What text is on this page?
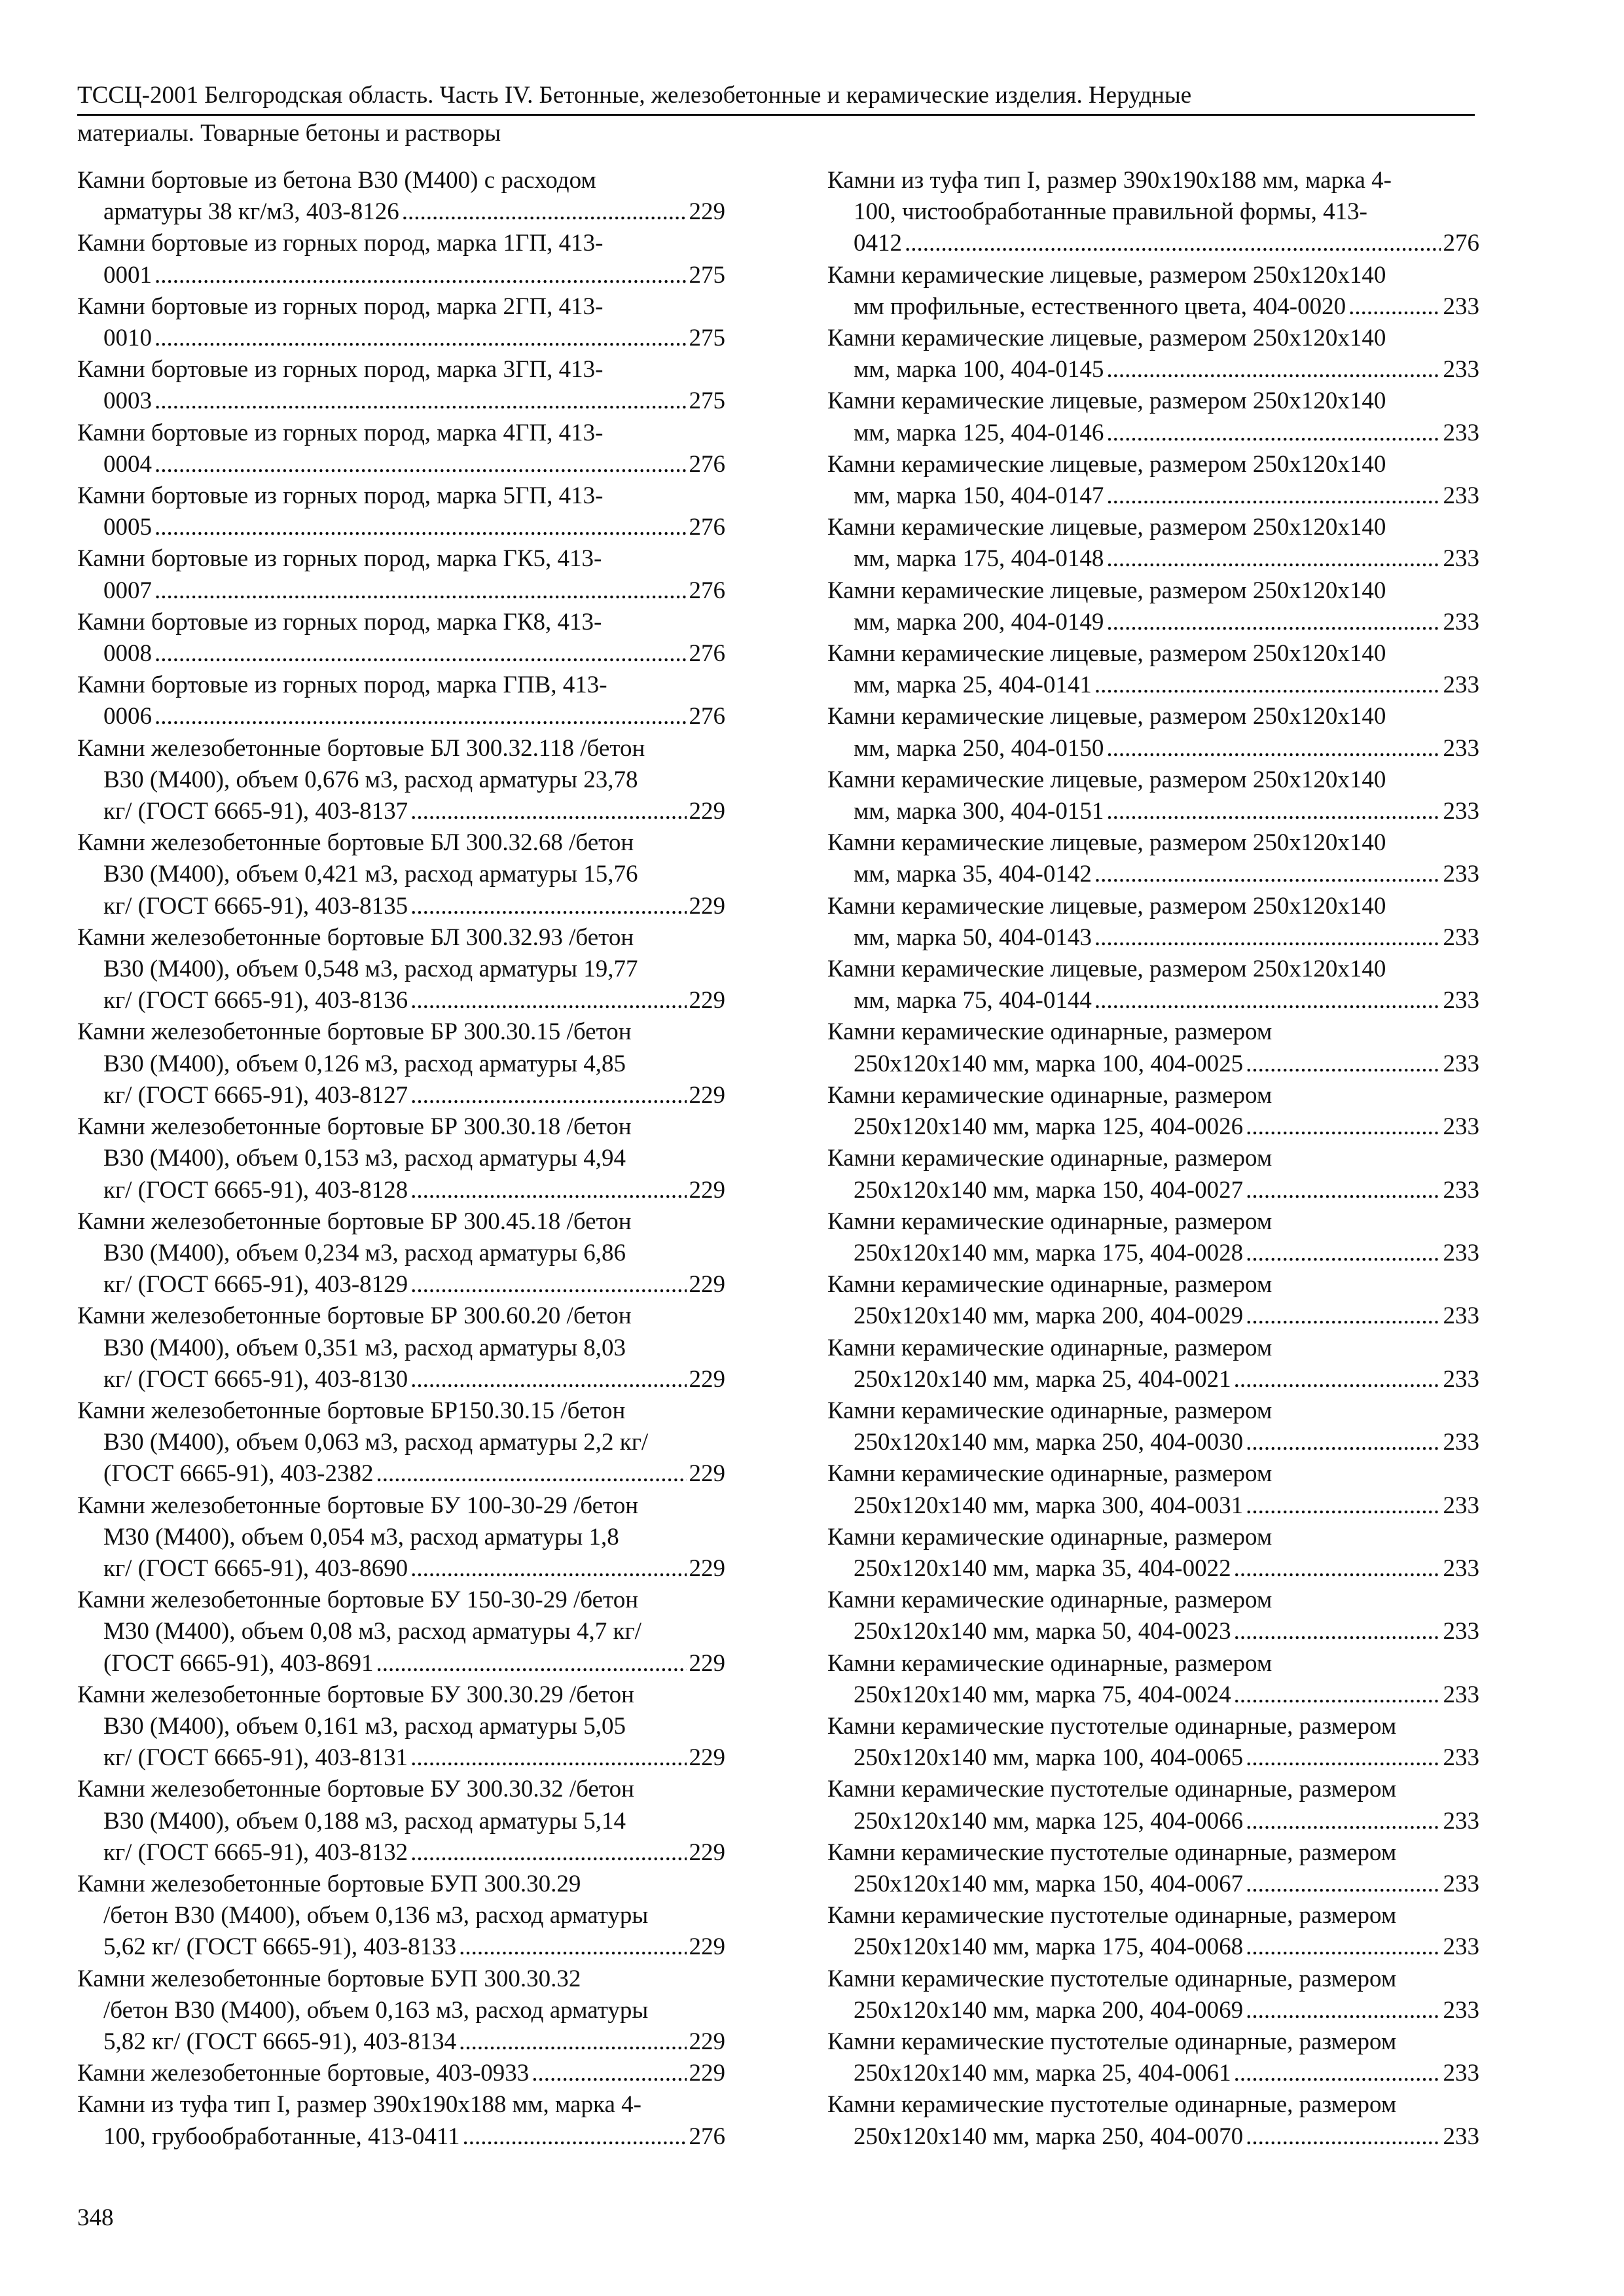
ТССЦ-2001 Белгородская область. Часть IV. Бетонные, железобетонные и керамические изделия. Нерудные
материалы. Товарные бетоны и растворы
Камни бортовые из бетона В30 (М400) с расходом
арматуры 38 кг/м3, 403-8126 .....	229
Камни бортовые из горных пород, марка 1ГП, 413-
0001 .....	275
Камни бортовые из горных пород, марка 2ГП, 413-
0010 .....	275
Камни бортовые из горных пород, марка 3ГП, 413-
0003 .....	275
Камни бортовые из горных пород, марка 4ГП, 413-
0004 .....	276
Камни бортовые из горных пород, марка 5ГП, 413-
0005 .....	276
Камни бортовые из горных пород, марка ГК5, 413-
0007 .....	276
Камни бортовые из горных пород, марка ГК8, 413-
0008 .....	276
Камни бортовые из горных пород, марка ГПВ, 413-
0006 .....	276
Камни железобетонные бортовые БЛ 300.32.118 /бетон
В30 (М400), объем 0,676 м3, расход арматуры 23,78
кг/ (ГОСТ 6665-91), 403-8137 .....	229
Камни железобетонные бортовые БЛ 300.32.68 /бетон
В30 (М400), объем 0,421 м3, расход арматуры 15,76
кг/ (ГОСТ 6665-91), 403-8135 .....	229
Камни железобетонные бортовые БЛ 300.32.93 /бетон
В30 (М400), объем 0,548 м3, расход арматуры 19,77
кг/ (ГОСТ 6665-91), 403-8136 .....	229
Камни железобетонные бортовые БР 300.30.15 /бетон
В30 (М400), объем 0,126 м3, расход арматуры 4,85
кг/ (ГОСТ 6665-91), 403-8127 .....	229
Камни железобетонные бортовые БР 300.30.18 /бетон
В30 (М400), объем 0,153 м3, расход арматуры 4,94
кг/ (ГОСТ 6665-91), 403-8128 .....	229
Камни железобетонные бортовые БР 300.45.18 /бетон
В30 (М400), объем 0,234 м3, расход арматуры 6,86
кг/ (ГОСТ 6665-91), 403-8129 .....	229
Камни железобетонные бортовые БР 300.60.20 /бетон
В30 (М400), объем 0,351 м3, расход арматуры 8,03
кг/ (ГОСТ 6665-91), 403-8130 .....	229
Камни железобетонные бортовые БР150.30.15 /бетон
В30 (М400), объем 0,063 м3, расход арматуры 2,2 кг/
(ГОСТ 6665-91), 403-2382 .....	229
Камни железобетонные бортовые БУ 100-30-29 /бетон
М30 (М400), объем 0,054 м3, расход арматуры 1,8
кг/ (ГОСТ 6665-91), 403-8690 .....	229
Камни железобетонные бортовые БУ 150-30-29 /бетон
М30 (М400), объем 0,08 м3, расход арматуры 4,7 кг/
(ГОСТ 6665-91), 403-8691 .....	229
Камни железобетонные бортовые БУ 300.30.29 /бетон
В30 (М400), объем 0,161 м3, расход арматуры 5,05
кг/ (ГОСТ 6665-91), 403-8131 .....	229
Камни железобетонные бортовые БУ 300.30.32 /бетон
В30 (М400), объем 0,188 м3, расход арматуры 5,14
кг/ (ГОСТ 6665-91), 403-8132 .....	229
Камни железобетонные бортовые БУП 300.30.29
/бетон В30 (М400), объем 0,136 м3, расход арматуры
5,62 кг/ (ГОСТ 6665-91), 403-8133 .....	229
Камни железобетонные бортовые БУП 300.30.32
/бетон В30 (М400), объем 0,163 м3, расход арматуры
5,82 кг/ (ГОСТ 6665-91), 403-8134 .....	229
Камни железобетонные бортовые, 403-0933 .....	229
Камни из туфа тип I, размер 390х190х188 мм, марка 4-
100, грубообработанные, 413-0411 .....	276
Камни из туфа тип I, размер 390х190х188 мм, марка 4-
100, чистообработанные правильной формы, 413-
0412 .....	276
Камни керамические лицевые, размером 250х120х140
мм профильные, естественного цвета, 404-0020 .....	233
Камни керамические лицевые, размером 250х120х140
мм, марка 100, 404-0145 .....	233
Камни керамические лицевые, размером 250х120х140
мм, марка 125, 404-0146 .....	233
Камни керамические лицевые, размером 250х120х140
мм, марка 150, 404-0147 .....	233
Камни керамические лицевые, размером 250х120х140
мм, марка 175, 404-0148 .....	233
Камни керамические лицевые, размером 250х120х140
мм, марка 200, 404-0149 .....	233
Камни керамические лицевые, размером 250х120х140
мм, марка 25, 404-0141 .....	233
Камни керамические лицевые, размером 250х120х140
мм, марка 250, 404-0150 .....	233
Камни керамические лицевые, размером 250х120х140
мм, марка 300, 404-0151 .....	233
Камни керамические лицевые, размером 250х120х140
мм, марка 35, 404-0142 .....	233
Камни керамические лицевые, размером 250х120х140
мм, марка 50, 404-0143 .....	233
Камни керамические лицевые, размером 250х120х140
мм, марка 75, 404-0144 .....	233
Камни керамические одинарные, размером
250х120х140 мм, марка 100, 404-0025 .....	233
Камни керамические одинарные, размером
250х120х140 мм, марка 125, 404-0026 .....	233
Камни керамические одинарные, размером
250х120х140 мм, марка 150, 404-0027 .....	233
Камни керамические одинарные, размером
250х120х140 мм, марка 175, 404-0028 .....	233
Камни керамические одинарные, размером
250х120х140 мм, марка 200, 404-0029 .....	233
Камни керамические одинарные, размером
250х120х140 мм, марка 25, 404-0021 .....	233
Камни керамические одинарные, размером
250х120х140 мм, марка 250, 404-0030 .....	233
Камни керамические одинарные, размером
250х120х140 мм, марка 300, 404-0031 .....	233
Камни керамические одинарные, размером
250х120х140 мм, марка 35, 404-0022 .....	233
Камни керамические одинарные, размером
250х120х140 мм, марка 50, 404-0023 .....	233
Камни керамические одинарные, размером
250х120х140 мм, марка 75, 404-0024 .....	233
Камни керамические пустотелые одинарные, размером
250х120х140 мм, марка 100, 404-0065 .....	233
Камни керамические пустотелые одинарные, размером
250х120х140 мм, марка 125, 404-0066 .....	233
Камни керамические пустотелые одинарные, размером
250х120х140 мм, марка 150, 404-0067 .....	233
Камни керамические пустотелые одинарные, размером
250х120х140 мм, марка 175, 404-0068 .....	233
Камни керамические пустотелые одинарные, размером
250х120х140 мм, марка 200, 404-0069 .....	233
Камни керамические пустотелые одинарные, размером
250х120х140 мм, марка 25, 404-0061 .....	233
Камни керамические пустотелые одинарные, размером
250х120х140 мм, марка 250, 404-0070 .....	233
348
